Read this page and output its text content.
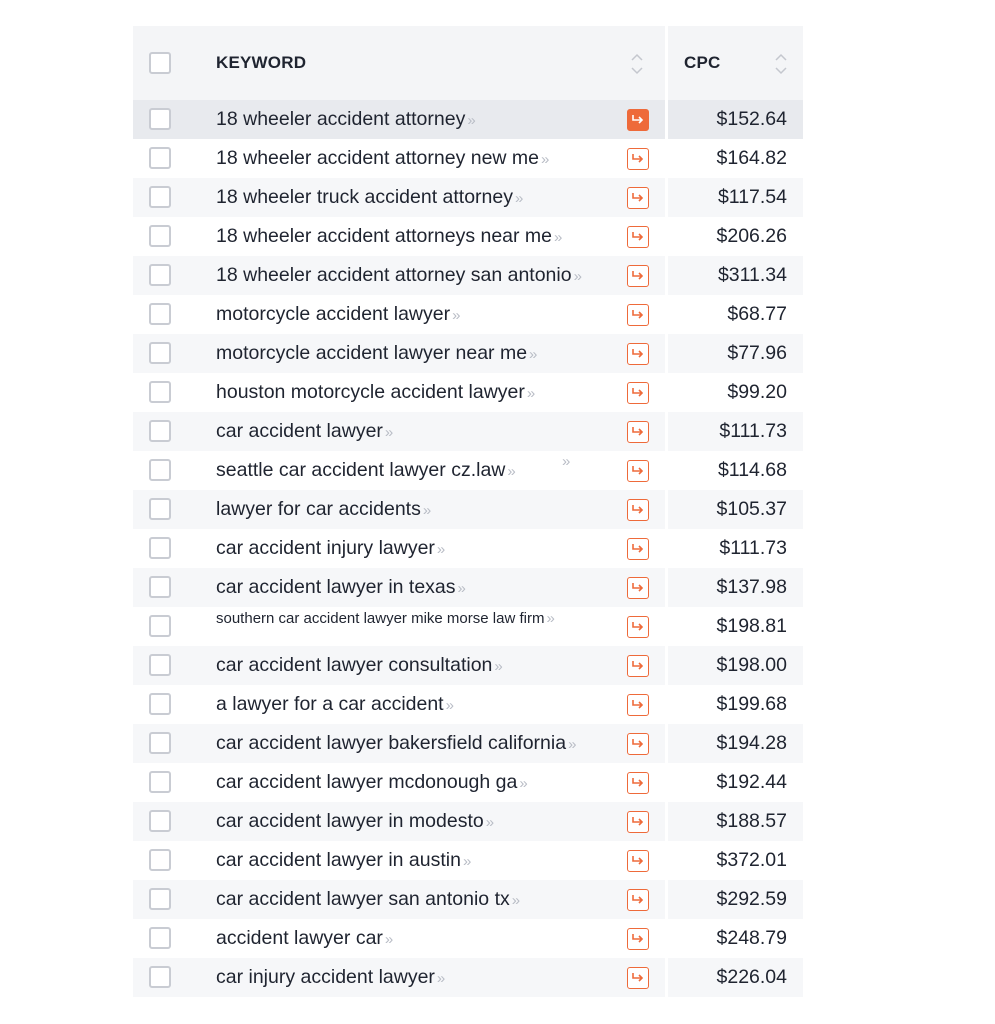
KEYWORD	CPC
18 wheeler accident attorney »	$152.64
18 wheeler accident attorney new me »	$164.82
18 wheeler truck accident attorney »	$117.54
18 wheeler accident attorneys near me »	$206.26
18 wheeler accident attorney san antonio »	$311.34
motorcycle accident lawyer »	$68.77
motorcycle accident lawyer near me »	$77.96
houston motorcycle accident lawyer »	$99.20
car accident lawyer »	$111.73
seattle car accident lawyer cz.law »	$114.68
lawyer for car accidents »	$105.37
car accident injury lawyer »	$111.73
car accident lawyer in texas »	$137.98
southern car accident lawyer mike morse law firm »	$198.81
car accident lawyer consultation »	$198.00
a lawyer for a car accident »	$199.68
car accident lawyer bakersfield california »	$194.28
car accident lawyer mcdonough ga »	$192.44
car accident lawyer in modesto »	$188.57
car accident lawyer in austin »	$372.01
car accident lawyer san antonio tx »	$292.59
accident lawyer car »	$248.79
car injury accident lawyer »	$226.04
»
